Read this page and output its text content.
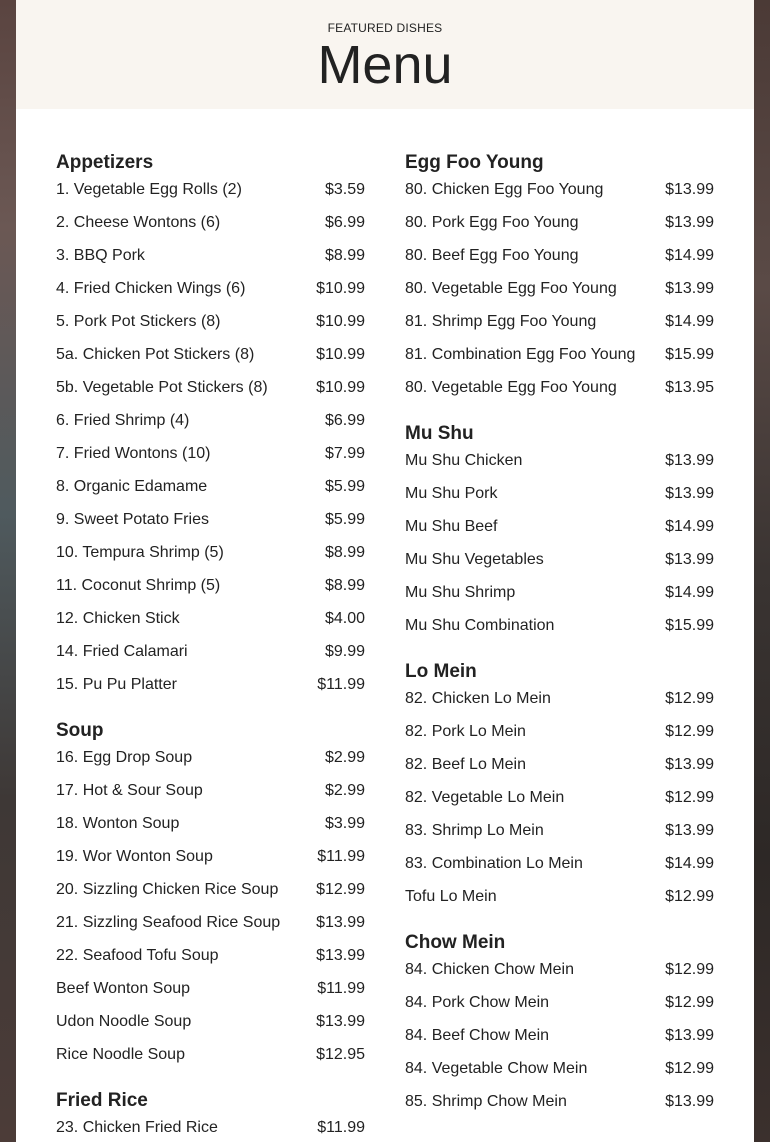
FEATURED DISHES
Menu
Appetizers
1. Vegetable Egg Rolls (2)	$3.59
2. Cheese Wontons (6)	$6.99
3. BBQ Pork	$8.99
4. Fried Chicken Wings (6)	$10.99
5. Pork Pot Stickers (8)	$10.99
5a. Chicken Pot Stickers (8)	$10.99
5b. Vegetable Pot Stickers (8)	$10.99
6. Fried Shrimp (4)	$6.99
7. Fried Wontons (10)	$7.99
8. Organic Edamame	$5.99
9. Sweet Potato Fries	$5.99
10. Tempura Shrimp (5)	$8.99
11. Coconut Shrimp (5)	$8.99
12. Chicken Stick	$4.00
14. Fried Calamari	$9.99
15. Pu Pu Platter	$11.99
Soup
16. Egg Drop Soup	$2.99
17. Hot & Sour Soup	$2.99
18. Wonton Soup	$3.99
19. Wor Wonton Soup	$11.99
20. Sizzling Chicken Rice Soup $12.99
21. Sizzling Seafood Rice Soup $13.99
22. Seafood Tofu Soup	$13.99
Beef Wonton Soup	$11.99
Udon Noodle Soup	$13.99
Rice Noodle Soup	$12.95
Fried Rice
23. Chicken Fried Rice	$11.99
Egg Foo Young
80. Chicken Egg Foo Young	$13.99
80. Pork Egg Foo Young	$13.99
80. Beef Egg Foo Young	$14.99
80. Vegetable Egg Foo Young	$13.99
81. Shrimp Egg Foo Young	$14.99
81. Combination Egg Foo Young $15.99
80. Vegetable Egg Foo Young	$13.95
Mu Shu
Mu Shu Chicken	$13.99
Mu Shu Pork	$13.99
Mu Shu Beef	$14.99
Mu Shu Vegetables	$13.99
Mu Shu Shrimp	$14.99
Mu Shu Combination	$15.99
Lo Mein
82. Chicken Lo Mein	$12.99
82. Pork Lo Mein	$12.99
82. Beef Lo Mein	$13.99
82. Vegetable Lo Mein	$12.99
83. Shrimp Lo Mein	$13.99
83. Combination Lo Mein	$14.99
Tofu Lo Mein	$12.99
Chow Mein
84. Chicken Chow Mein	$12.99
84. Pork Chow Mein	$12.99
84. Beef Chow Mein	$13.99
84. Vegetable Chow Mein	$12.99
85. Shrimp Chow Mein	$13.99
